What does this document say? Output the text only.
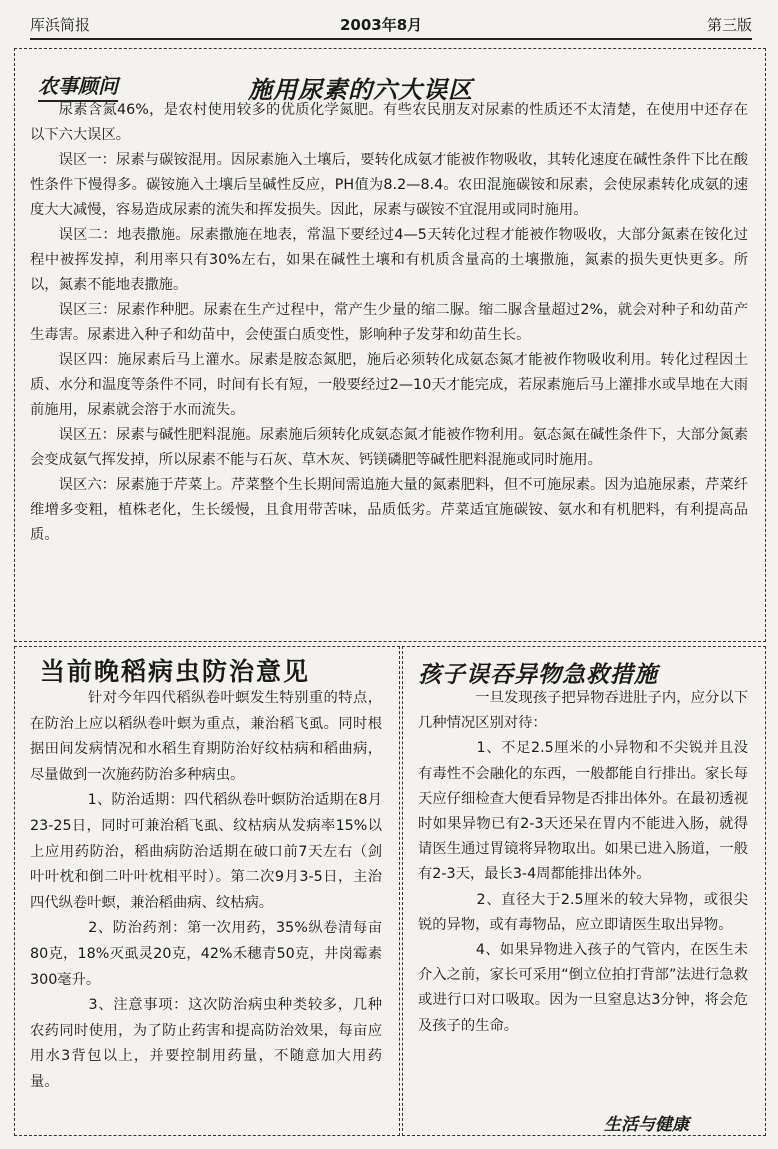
厍浜简报	2003年8月	第三版
农事顾问	施用尿素的六大误区

尿素含氮46%，是农村使用较多的优质化学氮肥。有些农民朋友对尿素的性质还不太清楚，在使用中还存在以下六大误区。

误区一：尿素与碳铵混用。因尿素施入土壤后，要转化成氨才能被作物吸收，其转化速度在碱性条件下比在酸性条件下慢得多。碳铵施入土壤后呈碱性反应，PH值为8.2—8.4。农田混施碳铵和尿素，会使尿素转化成氨的速度大大减慢，容易造成尿素的流失和挥发损失。因此，尿素与碳铵不宜混用或同时施用。

误区二：地表撒施。尿素撒施在地表，常温下要经过4—5天转化过程才能被作物吸收，大部分氮素在铵化过程中被挥发掉，利用率只有30%左右，如果在碱性土壤和有机质含量高的土壤撒施，氮素的损失更快更多。所以，氮素不能地表撒施。

误区三：尿素作种肥。尿素在生产过程中，常产生少量的缩二脲。缩二脲含量超过2%，就会对种子和幼苗产生毒害。尿素进入种子和幼苗中，会使蛋白质变性，影响种子发芽和幼苗生长。

误区四：施尿素后马上灌水。尿素是胺态氮肥，施后必须转化成氨态氮才能被作物吸收利用。转化过程因土质、水分和温度等条件不同，时间有长有短，一般要经过2—10天才能完成，若尿素施后马上灌排水或旱地在大雨前施用，尿素就会溶于水而流失。

误区五：尿素与碱性肥料混施。尿素施后须转化成氨态氮才能被作物利用。氨态氮在碱性条件下，大部分氮素会变成氨气挥发掉，所以尿素不能与石灰、草木灰、钙镁磷肥等碱性肥料混施或同时施用。

误区六：尿素施于芹菜上。芹菜整个生长期间需追施大量的氮素肥料，但不可施尿素。因为追施尿素，芹菜纤维增多变粗，植株老化，生长缓慢，且食用带苦味，品质低劣。芹菜适宜施碳铵、氨水和有机肥料，有利提高品质。

当前晚稻病虫防治意见

　　针对今年四代稻纵卷叶螟发生特别重的特点，在防治上应以稻纵卷叶螟为重点，兼治稻飞虱。同时根据田间发病情况和水稻生育期防治好纹枯病和稻曲病，尽量做到一次施药防治多种病虫。

　　1、防治适期：四代稻纵卷叶螟防治适期在8月23-25日，同时可兼治稻飞虱、纹枯病从发病率15%以上应用药防治，稻曲病防治适期在破口前7天左右（剑叶叶枕和倒二叶叶枕相平时）。第二次9月3-5日，主治四代纵卷叶螟，兼治稻曲病、纹枯病。

　　2、防治药剂：第一次用药，35%纵卷清每亩80克，18%灭虱灵20克，42%禾穗青50克，井岗霉素300毫升。

　　3、注意事项：这次防治病虫种类较多，几种农药同时使用，为了防止药害和提高防治效果，每亩应用水3背包以上，并要控制用药量，不随意加大用药量。

孩子误吞异物急救措施

　　一旦发现孩子把异物吞进肚子内，应分以下几种情况区别对待：

　　1、不足2.5厘米的小异物和不尖锐并且没有毒性不会融化的东西，一般都能自行排出。家长每天应仔细检查大便看异物是否排出体外。在最初透视时如果异物已有2-3天还呆在胃内不能进入肠，就得请医生通过胃镜将异物取出。如果已进入肠道，一般有2-3天，最长3-4周都能排出体外。

　　2、直径大于2.5厘米的较大异物，或很尖锐的异物，或有毒物品，应立即请医生取出异物。

　　4、如果异物进入孩子的气管内，在医生未介入之前，家长可采用“倒立位拍打背部”法进行急救或进行口对口吸取。因为一旦窒息达3分钟，将会危及孩子的生命。

生活与健康
